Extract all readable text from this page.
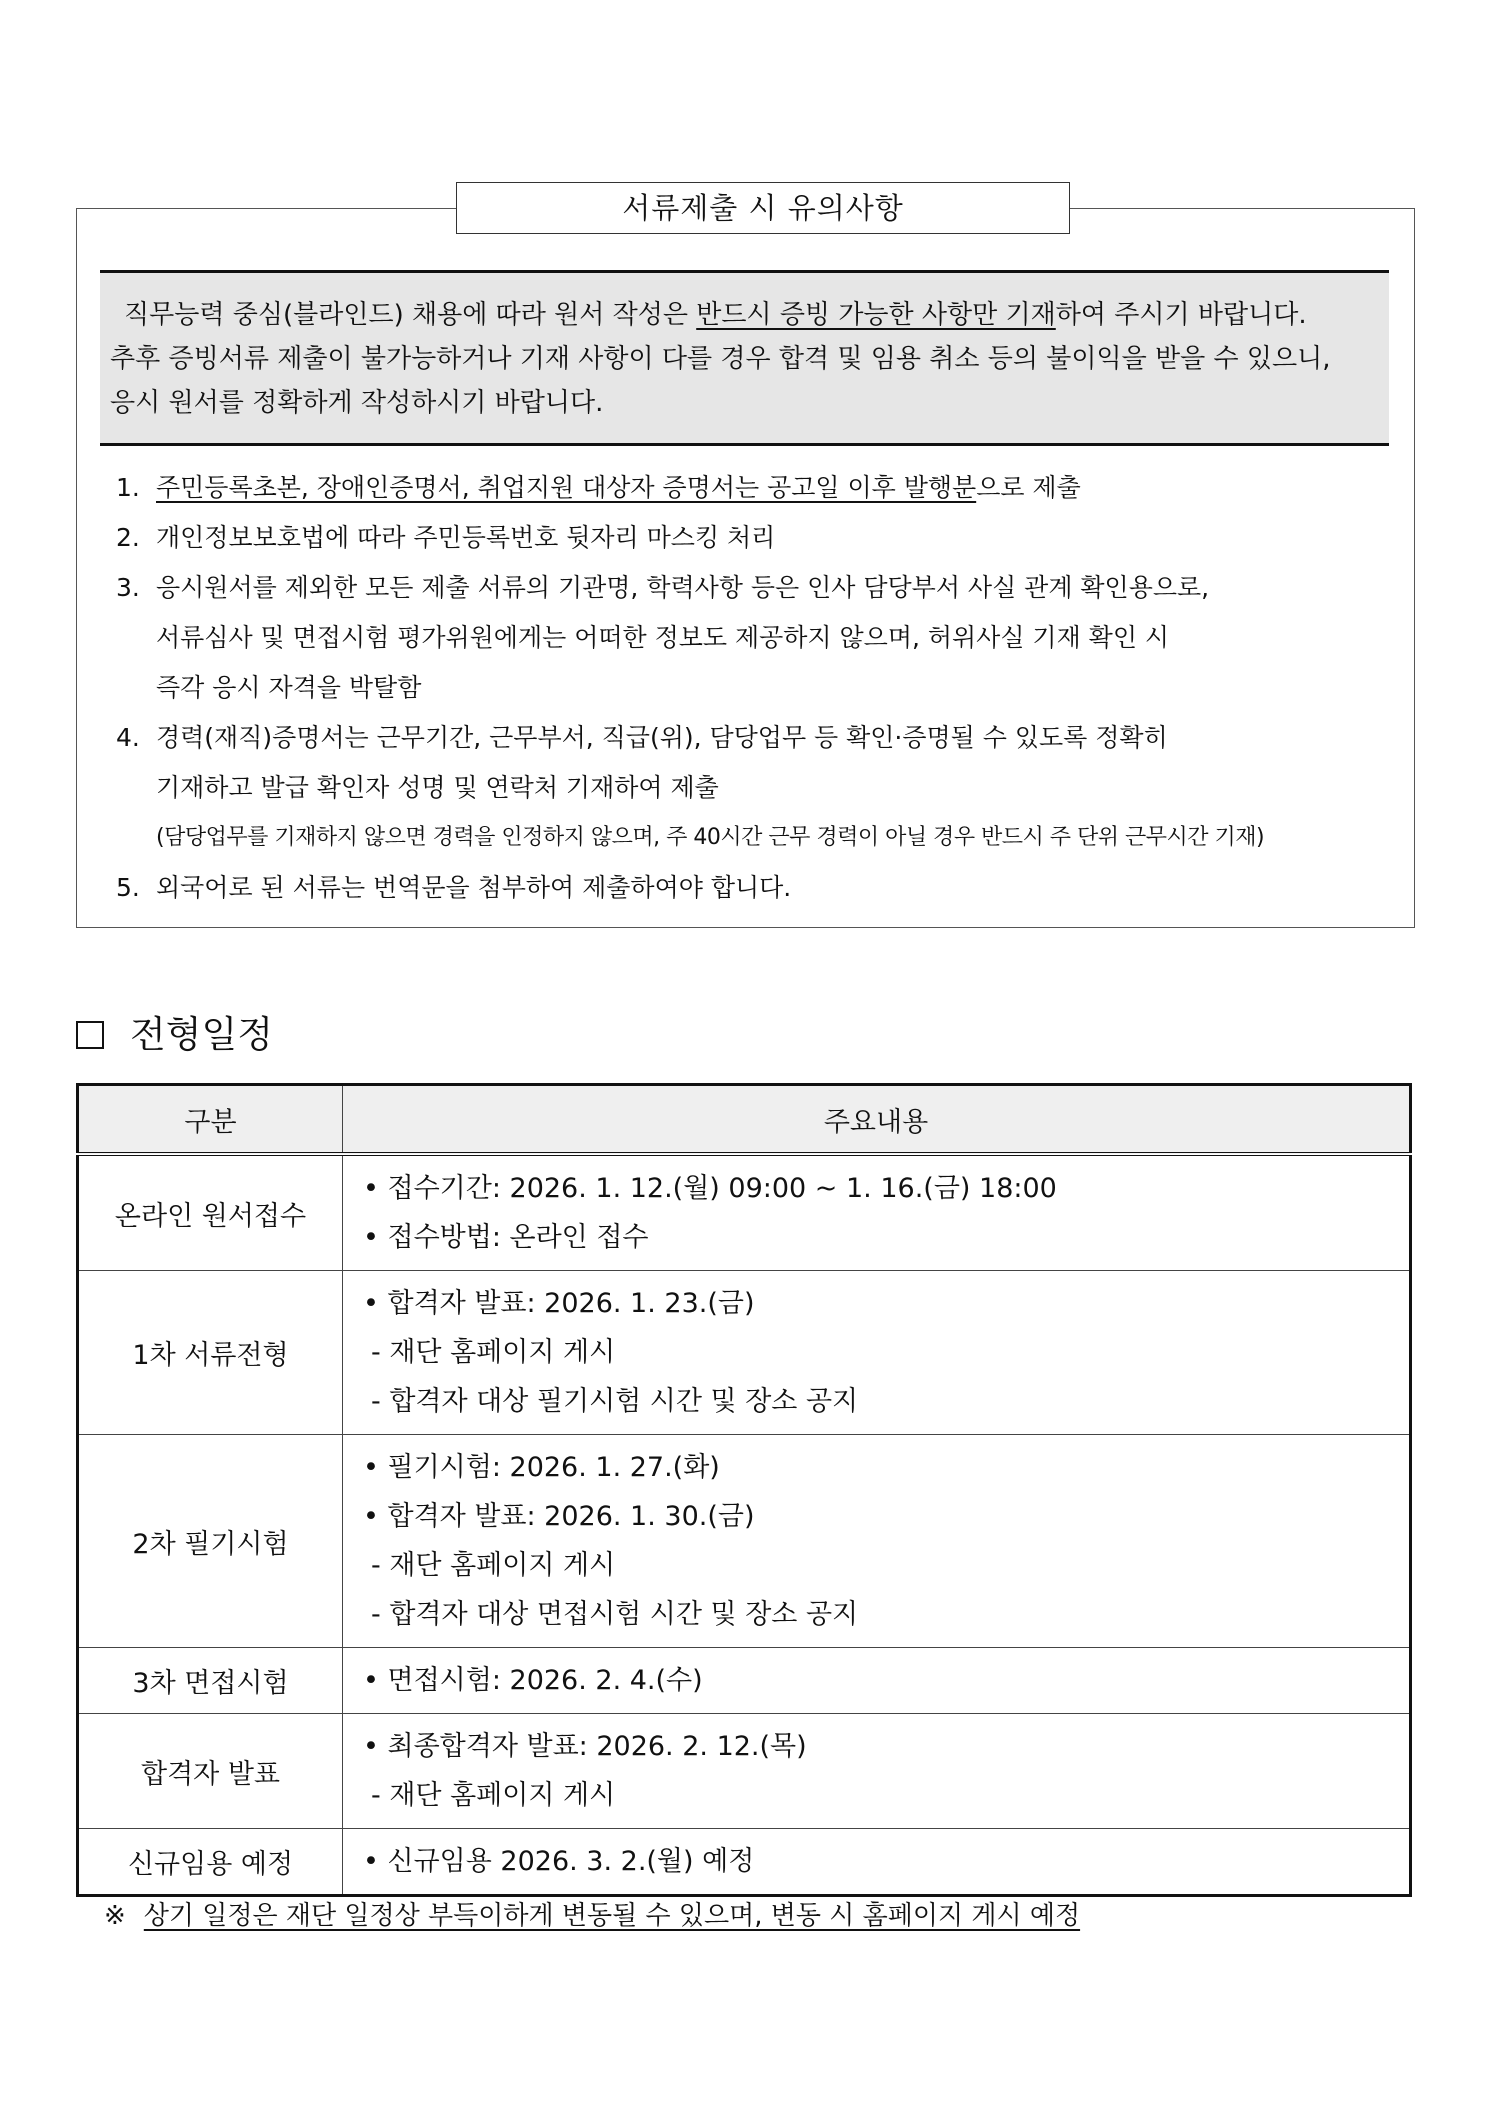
서류제출 시 유의사항
직무능력 중심(블라인드) 채용에 따라 원서 작성은 반드시 증빙 가능한 사항만 기재하여 주시기 바랍니다.
추후 증빙서류 제출이 불가능하거나 기재 사항이 다를 경우 합격 및 임용 취소 등의 불이익을 받을 수 있으니,
응시 원서를 정확하게 작성하시기 바랍니다.
1. 주민등록초본, 장애인증명서, 취업지원 대상자 증명서는 공고일 이후 발행분으로 제출
2. 개인정보보호법에 따라 주민등록번호 뒷자리 마스킹 처리
3. 응시원서를 제외한 모든 제출 서류의 기관명, 학력사항 등은 인사 담당부서 사실 관계 확인용으로,
서류심사 및 면접시험 평가위원에게는 어떠한 정보도 제공하지 않으며, 허위사실 기재 확인 시
즉각 응시 자격을 박탈함
4. 경력(재직)증명서는 근무기간, 근무부서, 직급(위), 담당업무 등 확인·증명될 수 있도록 정확히
기재하고 발급 확인자 성명 및 연락처 기재하여 제출
(담당업무를 기재하지 않으면 경력을 인정하지 않으며, 주 40시간 근무 경력이 아닐 경우 반드시 주 단위 근무시간 기재)
5. 외국어로 된 서류는 번역문을 첨부하여 제출하여야 합니다.
전형일정
구분	주요내용
온라인 원서접수	• 접수기간: 2026. 1. 12.(월) 09:00 ~ 1. 16.(금) 18:00
• 접수방법: 온라인 접수

1차 서류전형	• 합격자 발표: 2026. 1. 23.(금)
- 재단 홈페이지 게시
- 합격자 대상 필기시험 시간 및 장소 공지

2차 필기시험	• 필기시험: 2026. 1. 27.(화)
• 합격자 발표: 2026. 1. 30.(금)
- 재단 홈페이지 게시
- 합격자 대상 면접시험 시간 및 장소 공지

3차 면접시험	• 면접시험: 2026. 2. 4.(수)

합격자 발표	• 최종합격자 발표: 2026. 2. 12.(목)
- 재단 홈페이지 게시

신규임용 예정	• 신규임용 2026. 3. 2.(월) 예정
※ 상기 일정은 재단 일정상 부득이하게 변동될 수 있으며, 변동 시 홈페이지 게시 예정
